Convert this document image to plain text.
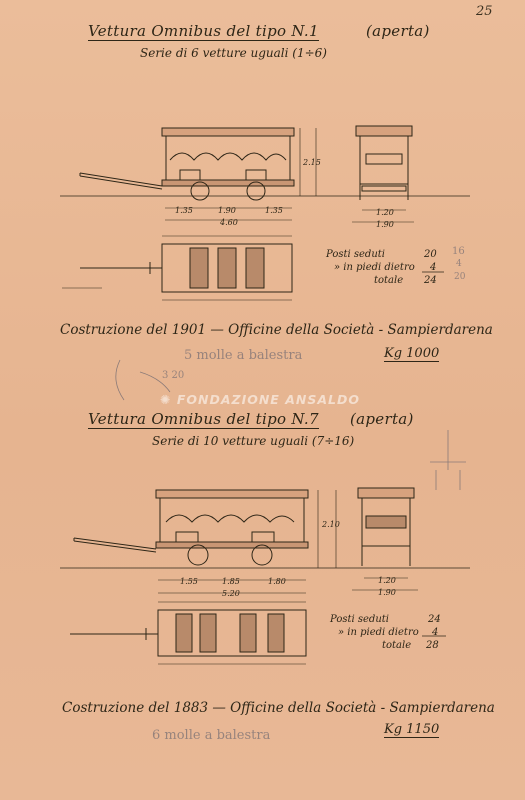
25
Vettura Omnibus del tipo N.1	(aperta)
Serie di 6 vetture uguali (1÷6)
1.35	1.90	1.35
4.60
2.15
1.20
1.90
Posti seduti	20
» in piedi dietro 4
totale 24
16
4
20
Costruzione del 1901 — Officine della Società - Sampierdarena
5 molle a balestra	Kg 1000
3 20
✺ FONDAZIONE ANSALDO
Vettura Omnibus del tipo N.7 (aperta)
Serie di 10 vetture uguali (7÷16)
1.55	1.85	1.80
5.20
2.10
1.20
1.90
Posti seduti	24
» in piedi dietro 4
totale 28
Costruzione del 1883 — Officine della Società - Sampierdarena
6 molle a balestra	Kg 1150
